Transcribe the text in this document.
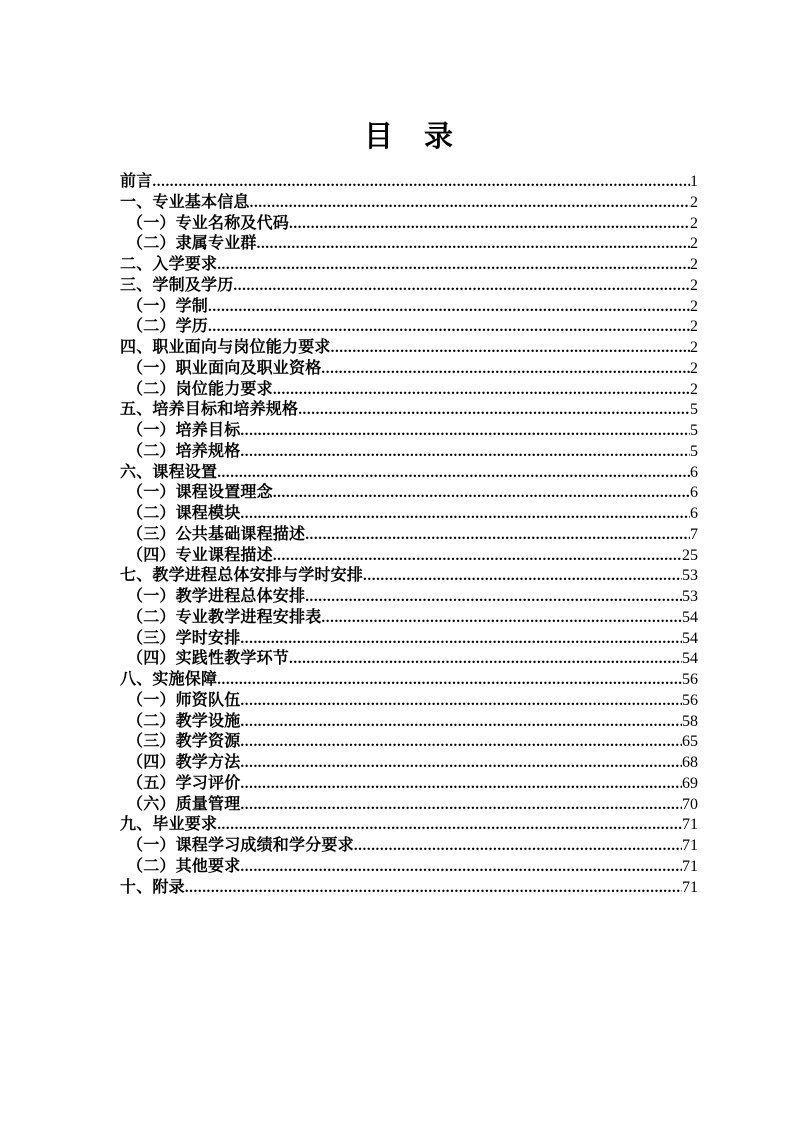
目　录
前言 .....	1
一、专业基本信息 .....	2
（一）专业名称及代码 .....	2
（二）隶属专业群 .....	2
二、入学要求 .....	2
三、学制及学历 .....	2
（一）学制 .....	2
（二）学历 .....	2
四、职业面向与岗位能力要求 .....	2
（一）职业面向及职业资格 .....	2
（二）岗位能力要求 .....	2
五、培养目标和培养规格 .....	5
（一）培养目标 .....	5
（二）培养规格 .....	5
六、课程设置 .....	6
（一）课程设置理念 .....	6
（二）课程模块 .....	6
（三）公共基础课程描述 .....	7
（四）专业课程描述 .....	25
七、教学进程总体安排与学时安排 .....	53
（一）教学进程总体安排 .....	53
（二）专业教学进程安排表 .....	54
（三）学时安排 .....	54
（四）实践性教学环节 .....	54
八、实施保障 .....	56
（一）师资队伍 .....	56
（二）教学设施 .....	58
（三）教学资源 .....	65
（四）教学方法 .....	68
（五）学习评价 .....	69
（六）质量管理 .....	70
九、毕业要求 .....	71
（一）课程学习成绩和学分要求 .....	71
（二）其他要求 .....	71
十、附录 .....	71
